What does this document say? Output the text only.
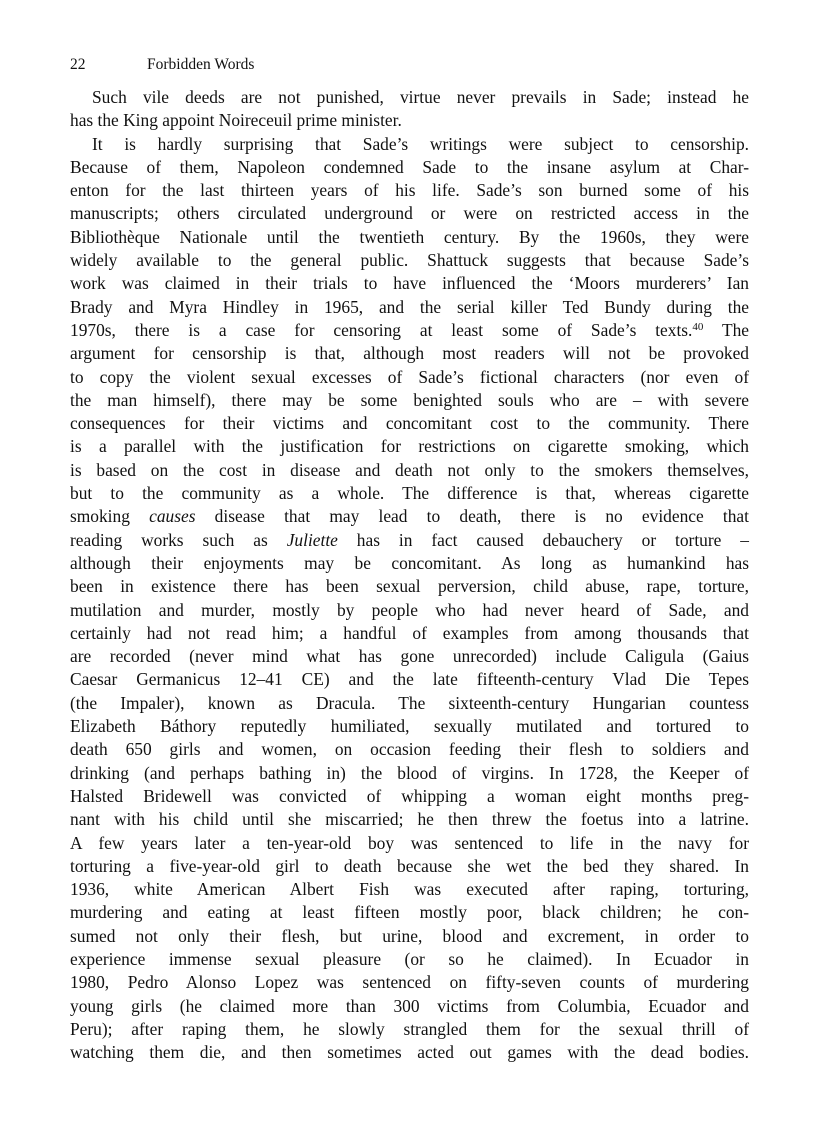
22	Forbidden Words
Such vile deeds are not punished, virtue never prevails in Sade; instead he
has the King appoint Noireceuil prime minister.
It is hardly surprising that Sade’s writings were subject to censorship.
Because of them, Napoleon condemned Sade to the insane asylum at Char-
enton for the last thirteen years of his life. Sade’s son burned some of his
manuscripts; others circulated underground or were on restricted access in the
Bibliothèque Nationale until the twentieth century. By the 1960s, they were
widely available to the general public. Shattuck suggests that because Sade’s
work was claimed in their trials to have influenced the ‘Moors murderers’ Ian
Brady and Myra Hindley in 1965, and the serial killer Ted Bundy during the
1970s, there is a case for censoring at least some of Sade’s texts.$^{40}$ The
argument for censorship is that, although most readers will not be provoked
to copy the violent sexual excesses of Sade’s fictional characters (nor even of
the man himself), there may be some benighted souls who are – with severe
consequences for their victims and concomitant cost to the community. There
is a parallel with the justification for restrictions on cigarette smoking, which
is based on the cost in disease and death not only to the smokers themselves,
but to the community as a whole. The difference is that, whereas cigarette
smoking causes disease that may lead to death, there is no evidence that
reading works such as Juliette has in fact caused debauchery or torture –
although their enjoyments may be concomitant. As long as humankind has
been in existence there has been sexual perversion, child abuse, rape, torture,
mutilation and murder, mostly by people who had never heard of Sade, and
certainly had not read him; a handful of examples from among thousands that
are recorded (never mind what has gone unrecorded) include Caligula (Gaius
Caesar Germanicus 12–41 CE) and the late fifteenth-century Vlad Die Tepes
(the Impaler), known as Dracula. The sixteenth-century Hungarian countess
Elizabeth Báthory reputedly humiliated, sexually mutilated and tortured to
death 650 girls and women, on occasion feeding their flesh to soldiers and
drinking (and perhaps bathing in) the blood of virgins. In 1728, the Keeper of
Halsted Bridewell was convicted of whipping a woman eight months preg-
nant with his child until she miscarried; he then threw the foetus into a latrine.
A few years later a ten-year-old boy was sentenced to life in the navy for
torturing a five-year-old girl to death because she wet the bed they shared. In
1936, white American Albert Fish was executed after raping, torturing,
murdering and eating at least fifteen mostly poor, black children; he con-
sumed not only their flesh, but urine, blood and excrement, in order to
experience immense sexual pleasure (or so he claimed). In Ecuador in
1980, Pedro Alonso Lopez was sentenced on fifty-seven counts of murdering
young girls (he claimed more than 300 victims from Columbia, Ecuador and
Peru); after raping them, he slowly strangled them for the sexual thrill of
watching them die, and then sometimes acted out games with the dead bodies.
